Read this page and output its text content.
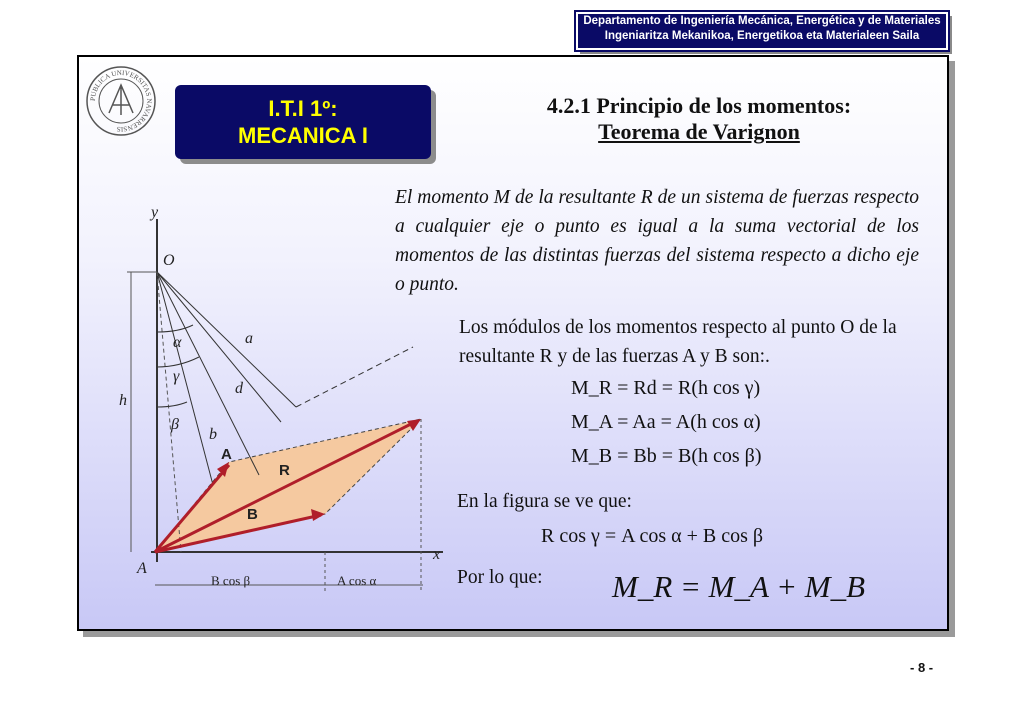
Departamento de Ingeniería Mecánica, Energética y de Materiales
Ingeniaritza Mekanikoa, Energetikoa eta Materialeen Saila
PUBLICA UNIVERSITAS NAVARRENSIS
I.T.I 1º:
MECANICA I
4.2.1 Principio de los momentos:
Teorema de Varignon
El momento M de la resultante R de un sistema de fuerzas respecto a cualquier eje o punto es igual a la suma vectorial de los momentos de las distintas fuerzas del sistema respecto a dicho eje o punto.
Los módulos de los momentos respecto al punto O de la resultante R y de las fuerzas A y B son:.
M_R = Rd = R(h cos γ)
M_A = Aa = A(h cos α)
M_B = Bb = B(h cos β)
En la figura se ve que:
R cos γ = A cos α + B cos β
Por lo que: M_R = M_A + M_B
y
O
a
α
d
γ
h
β
b
x
A
B cos β	A cos α
A
R
B
- 8 -
